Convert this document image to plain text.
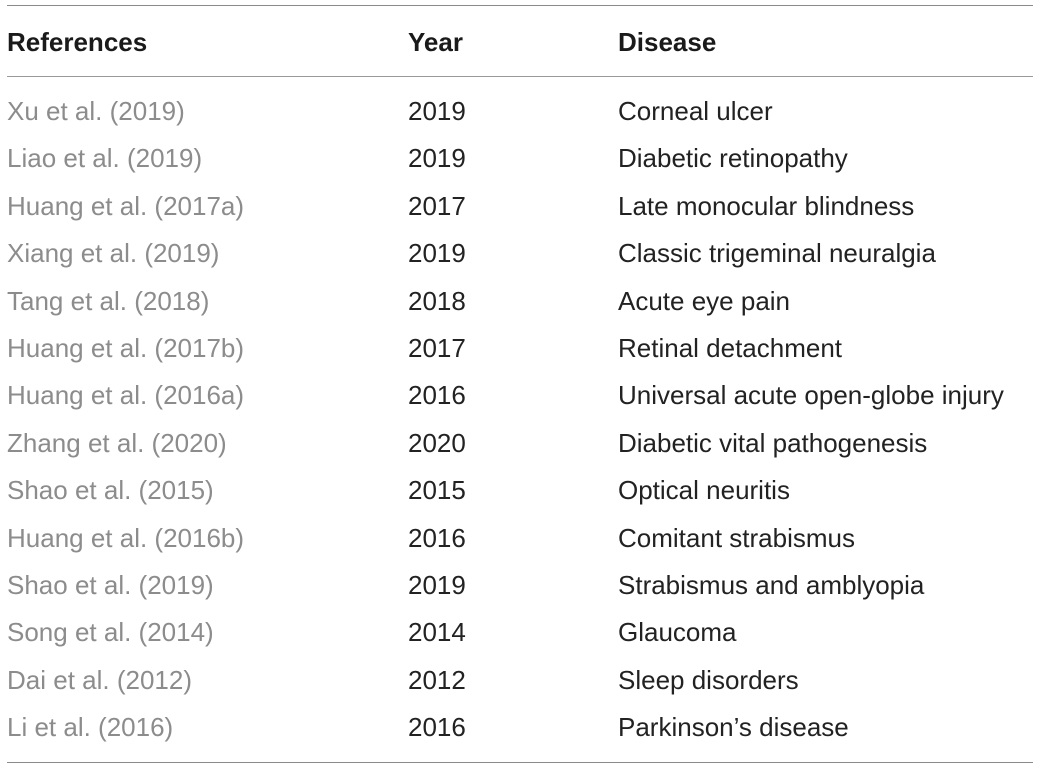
References	Year	Disease
Xu et al. (2019)	2019	Corneal ulcer
Liao et al. (2019)	2019	Diabetic retinopathy
Huang et al. (2017a)	2017	Late monocular blindness
Xiang et al. (2019)	2019	Classic trigeminal neuralgia
Tang et al. (2018)	2018	Acute eye pain
Huang et al. (2017b)	2017	Retinal detachment
Huang et al. (2016a)	2016	Universal acute open-globe injury
Zhang et al. (2020)	2020	Diabetic vital pathogenesis
Shao et al. (2015)	2015	Optical neuritis
Huang et al. (2016b)	2016	Comitant strabismus
Shao et al. (2019)	2019	Strabismus and amblyopia
Song et al. (2014)	2014	Glaucoma
Dai et al. (2012)	2012	Sleep disorders
Li et al. (2016)	2016	Parkinson’s disease
